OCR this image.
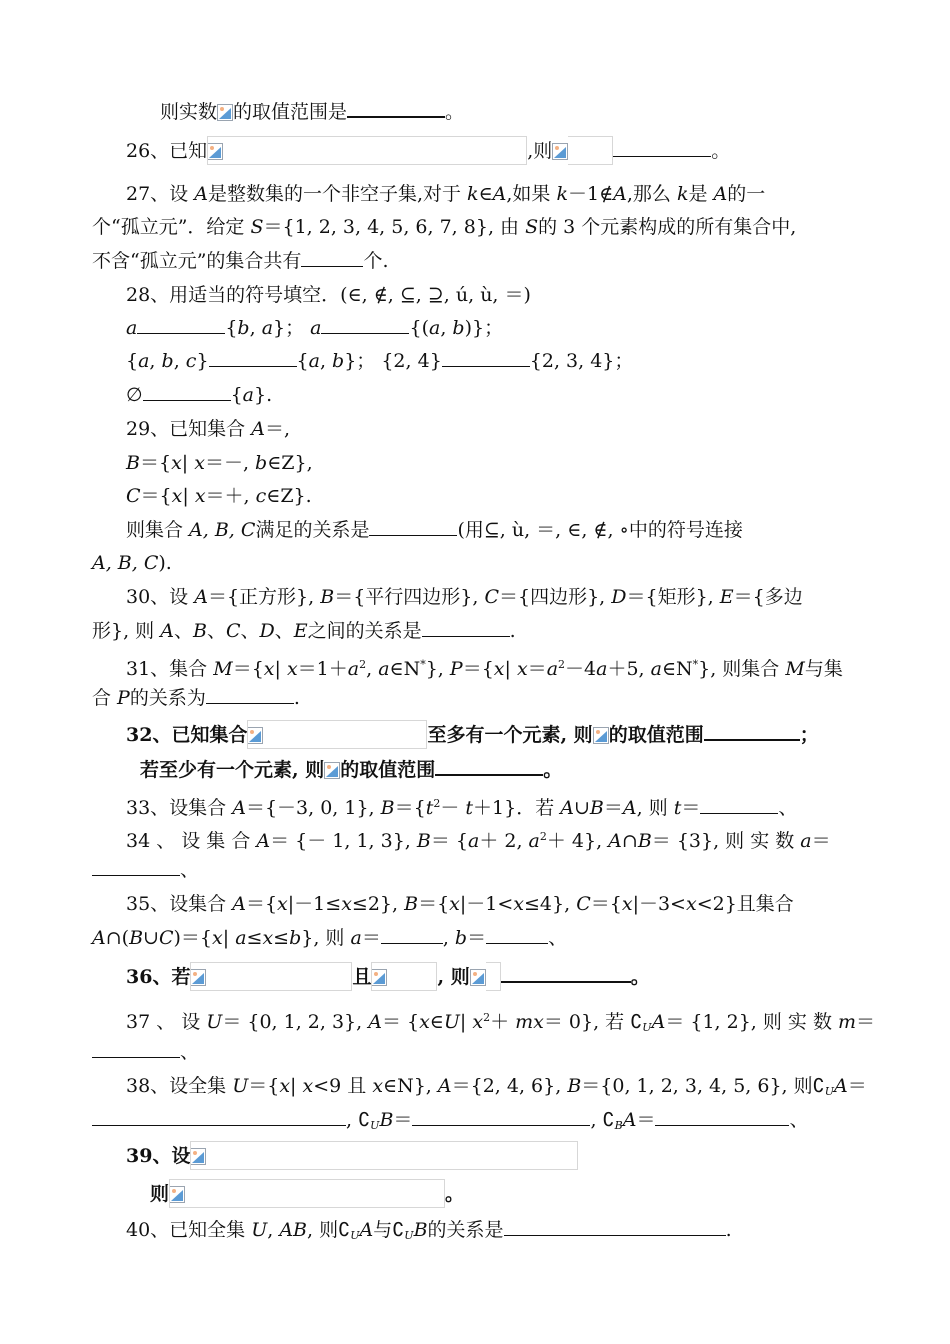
则实数 的取值范围是	。
26、已知	,则	。
27、设 A是整数集的一个非空子集,对于 k∈A,如果 k－1∉A,那么 k是 A的一
个“孤立元”．给定 S＝{1, 2, 3, 4, 5, 6, 7, 8}, 由 S的 3 个元素构成的所有集合中,
不含“孤立元”的集合共有	个.
28、用适当的符号填空．(∈, ∉, ⊆, ⊇, ú, ù, ＝)
a	{b, a}； a	{(a, b)}；
{a, b, c}	{a, b}； {2, 4}	{2, 3, 4}；
∅	{a}.
29、已知集合 A＝,
B＝{x| x＝－, b∈Z},
C＝{x| x＝＋, c∈Z}.
则集合 A, B, C满足的关系是	(用⊆, ù, ＝, ∈, ∉, ∘中的符号连接
A, B, C).
30、设 A＝{正方形}, B＝{平行四边形}, C＝{四边形}, D＝{矩形}, E＝{多边
形}, 则 A、B、C、D、E之间的关系是	.
31、集合 M＝{x| $x=1+a^2$, a∈N*}, P＝{x| $x=a^2-4a+5$, a∈N*}, 则集合 M与集
合 P的关系为	.
32、已知集合	至多有一个元素, 则 的取值范围	；
若至少有一个元素, 则 的取值范围	。
33、设集合 A＝{－3, 0, 1}, $B=\{t^2- t+1\}$．若 A∪B＝A, 则 t＝	、
34 、 设 集 合 A＝ {－ 1, 1, 3}, B＝ {a＋ 2, $a^2+ 4$}, A∩B＝ {3}, 则 实 数 a＝
、
35、设集合 A＝{x|－1≤x≤2}, B＝{x|－1<x≤4}, C＝{x|－3<x<2}且集合
A∩(B∪C)＝{x| a≤x≤b}, 则 a＝	, b＝	、
36、若	且	, 则	。
37 、 设 U＝ {0, 1, 2, 3}, A＝ {x∈U| $x^2+ mx= 0$}, 若 $∁_UA= \{1$, 2}, 则 实 数 m＝
、
38、设全集 U＝{x| x<9 且 x∈N}, A＝{2, 4, 6}, B＝{0, 1, 2, 3, 4, 5, 6}, 则$∁_UA=$
, $∁_UB=$	, $∁_BA=$	、
39、设
则	。
40、已知全集 U, AB, 则$∁_UA$与$∁_UB$的关系是	.
